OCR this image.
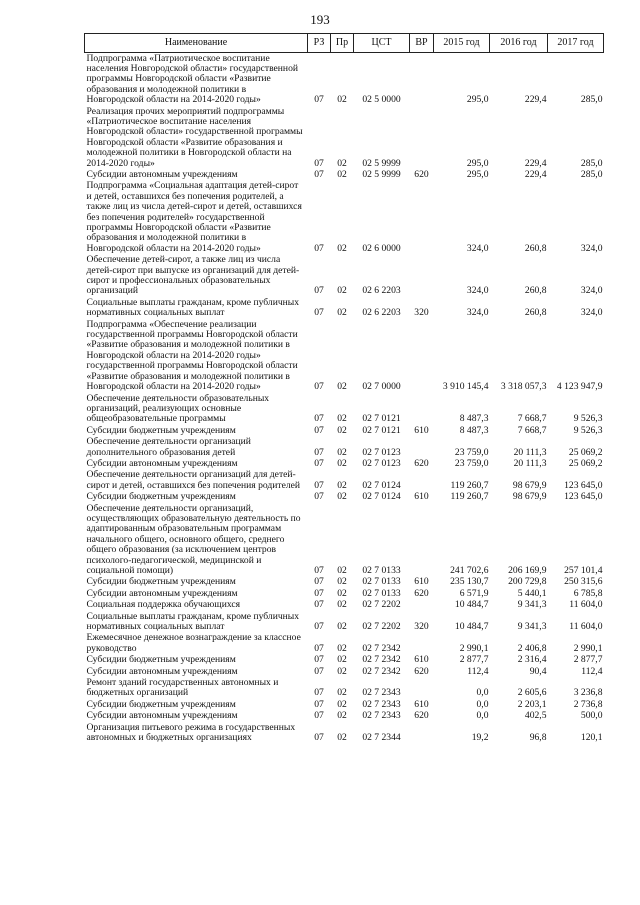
193
Наименование	РЗ	Пр	ЦСТ	ВР	2015 год	2016 год	2017 год
Подпрограмма «Патриотическое воспитание населения Новгородской области» государственной программы Новгородской области «Развитие образования и молодежной политики в Новгородской области на 2014-2020 годы»	07	02	02 5 0000		295,0	229,4	285,0
Реализация прочих мероприятий подпрограммы «Патриотическое воспитание населения Новгородской области» государственной программы Новгородской области «Развитие образования и молодежной политики в Новгородской области на 2014-2020 годы»	07	02	02 5 9999		295,0	229,4	285,0
Субсидии автономным учреждениям	07	02	02 5 9999	620	295,0	229,4	285,0
Подпрограмма «Социальная адаптация детей-сирот и детей, оставшихся без попечения родителей, а также лиц из числа детей-сирот и детей, оставшихся без попечения родителей» государственной программы Новгородской области «Развитие образования и молодежной политики в Новгородской области на 2014-2020 годы»	07	02	02 6 0000		324,0	260,8	324,0
Обеспечение детей-сирот, а также лиц из числа детей-сирот при выпуске из организаций для детей-сирот и профессиональных образовательных организаций	07	02	02 6 2203		324,0	260,8	324,0
Социальные выплаты гражданам, кроме публичных нормативных социальных выплат	07	02	02 6 2203	320	324,0	260,8	324,0
Подпрограмма «Обеспечение реализации государственной программы Новгородской области «Развитие образования и молодежной политики в Новгородской области на 2014-2020 годы» государственной программы Новгородской области «Развитие образования и молодежной политики в Новгородской области на 2014-2020 годы»	07	02	02 7 0000		3 910 145,4	3 318 057,3	4 123 947,9
Обеспечение деятельности образовательных организаций, реализующих основные общеобразовательные программы	07	02	02 7 0121		8 487,3	7 668,7	9 526,3
Субсидии бюджетным учреждениям	07	02	02 7 0121	610	8 487,3	7 668,7	9 526,3
Обеспечение деятельности организаций дополнительного образования детей	07	02	02 7 0123		23 759,0	20 111,3	25 069,2
Субсидии автономным учреждениям	07	02	02 7 0123	620	23 759,0	20 111,3	25 069,2
Обеспечение деятельности организаций для детей-сирот и детей, оставшихся без попечения родителей	07	02	02 7 0124		119 260,7	98 679,9	123 645,0
Субсидии бюджетным учреждениям	07	02	02 7 0124	610	119 260,7	98 679,9	123 645,0
Обеспечение деятельности организаций, осуществляющих образовательную деятельность по адаптированным образовательным программам начального общего, основного общего, среднего общего образования (за исключением центров психолого-педагогической, медицинской и социальной помощи)	07	02	02 7 0133		241 702,6	206 169,9	257 101,4
Субсидии бюджетным учреждениям	07	02	02 7 0133	610	235 130,7	200 729,8	250 315,6
Субсидии автономным учреждениям	07	02	02 7 0133	620	6 571,9	5 440,1	6 785,8
Социальная поддержка обучающихся	07	02	02 7 2202		10 484,7	9 341,3	11 604,0
Социальные выплаты гражданам, кроме публичных нормативных социальных выплат	07	02	02 7 2202	320	10 484,7	9 341,3	11 604,0
Ежемесячное денежное вознаграждение за классное руководство	07	02	02 7 2342		2 990,1	2 406,8	2 990,1
Субсидии бюджетным учреждениям	07	02	02 7 2342	610	2 877,7	2 316,4	2 877,7
Субсидии автономным учреждениям	07	02	02 7 2342	620	112,4	90,4	112,4
Ремонт зданий государственных автономных и бюджетных организаций	07	02	02 7 2343		0,0	2 605,6	3 236,8
Субсидии бюджетным учреждениям	07	02	02 7 2343	610	0,0	2 203,1	2 736,8
Субсидии автономным учреждениям	07	02	02 7 2343	620	0,0	402,5	500,0
Организация питьевого режима в государственных автономных и бюджетных организациях	07	02	02 7 2344		19,2	96,8	120,1
